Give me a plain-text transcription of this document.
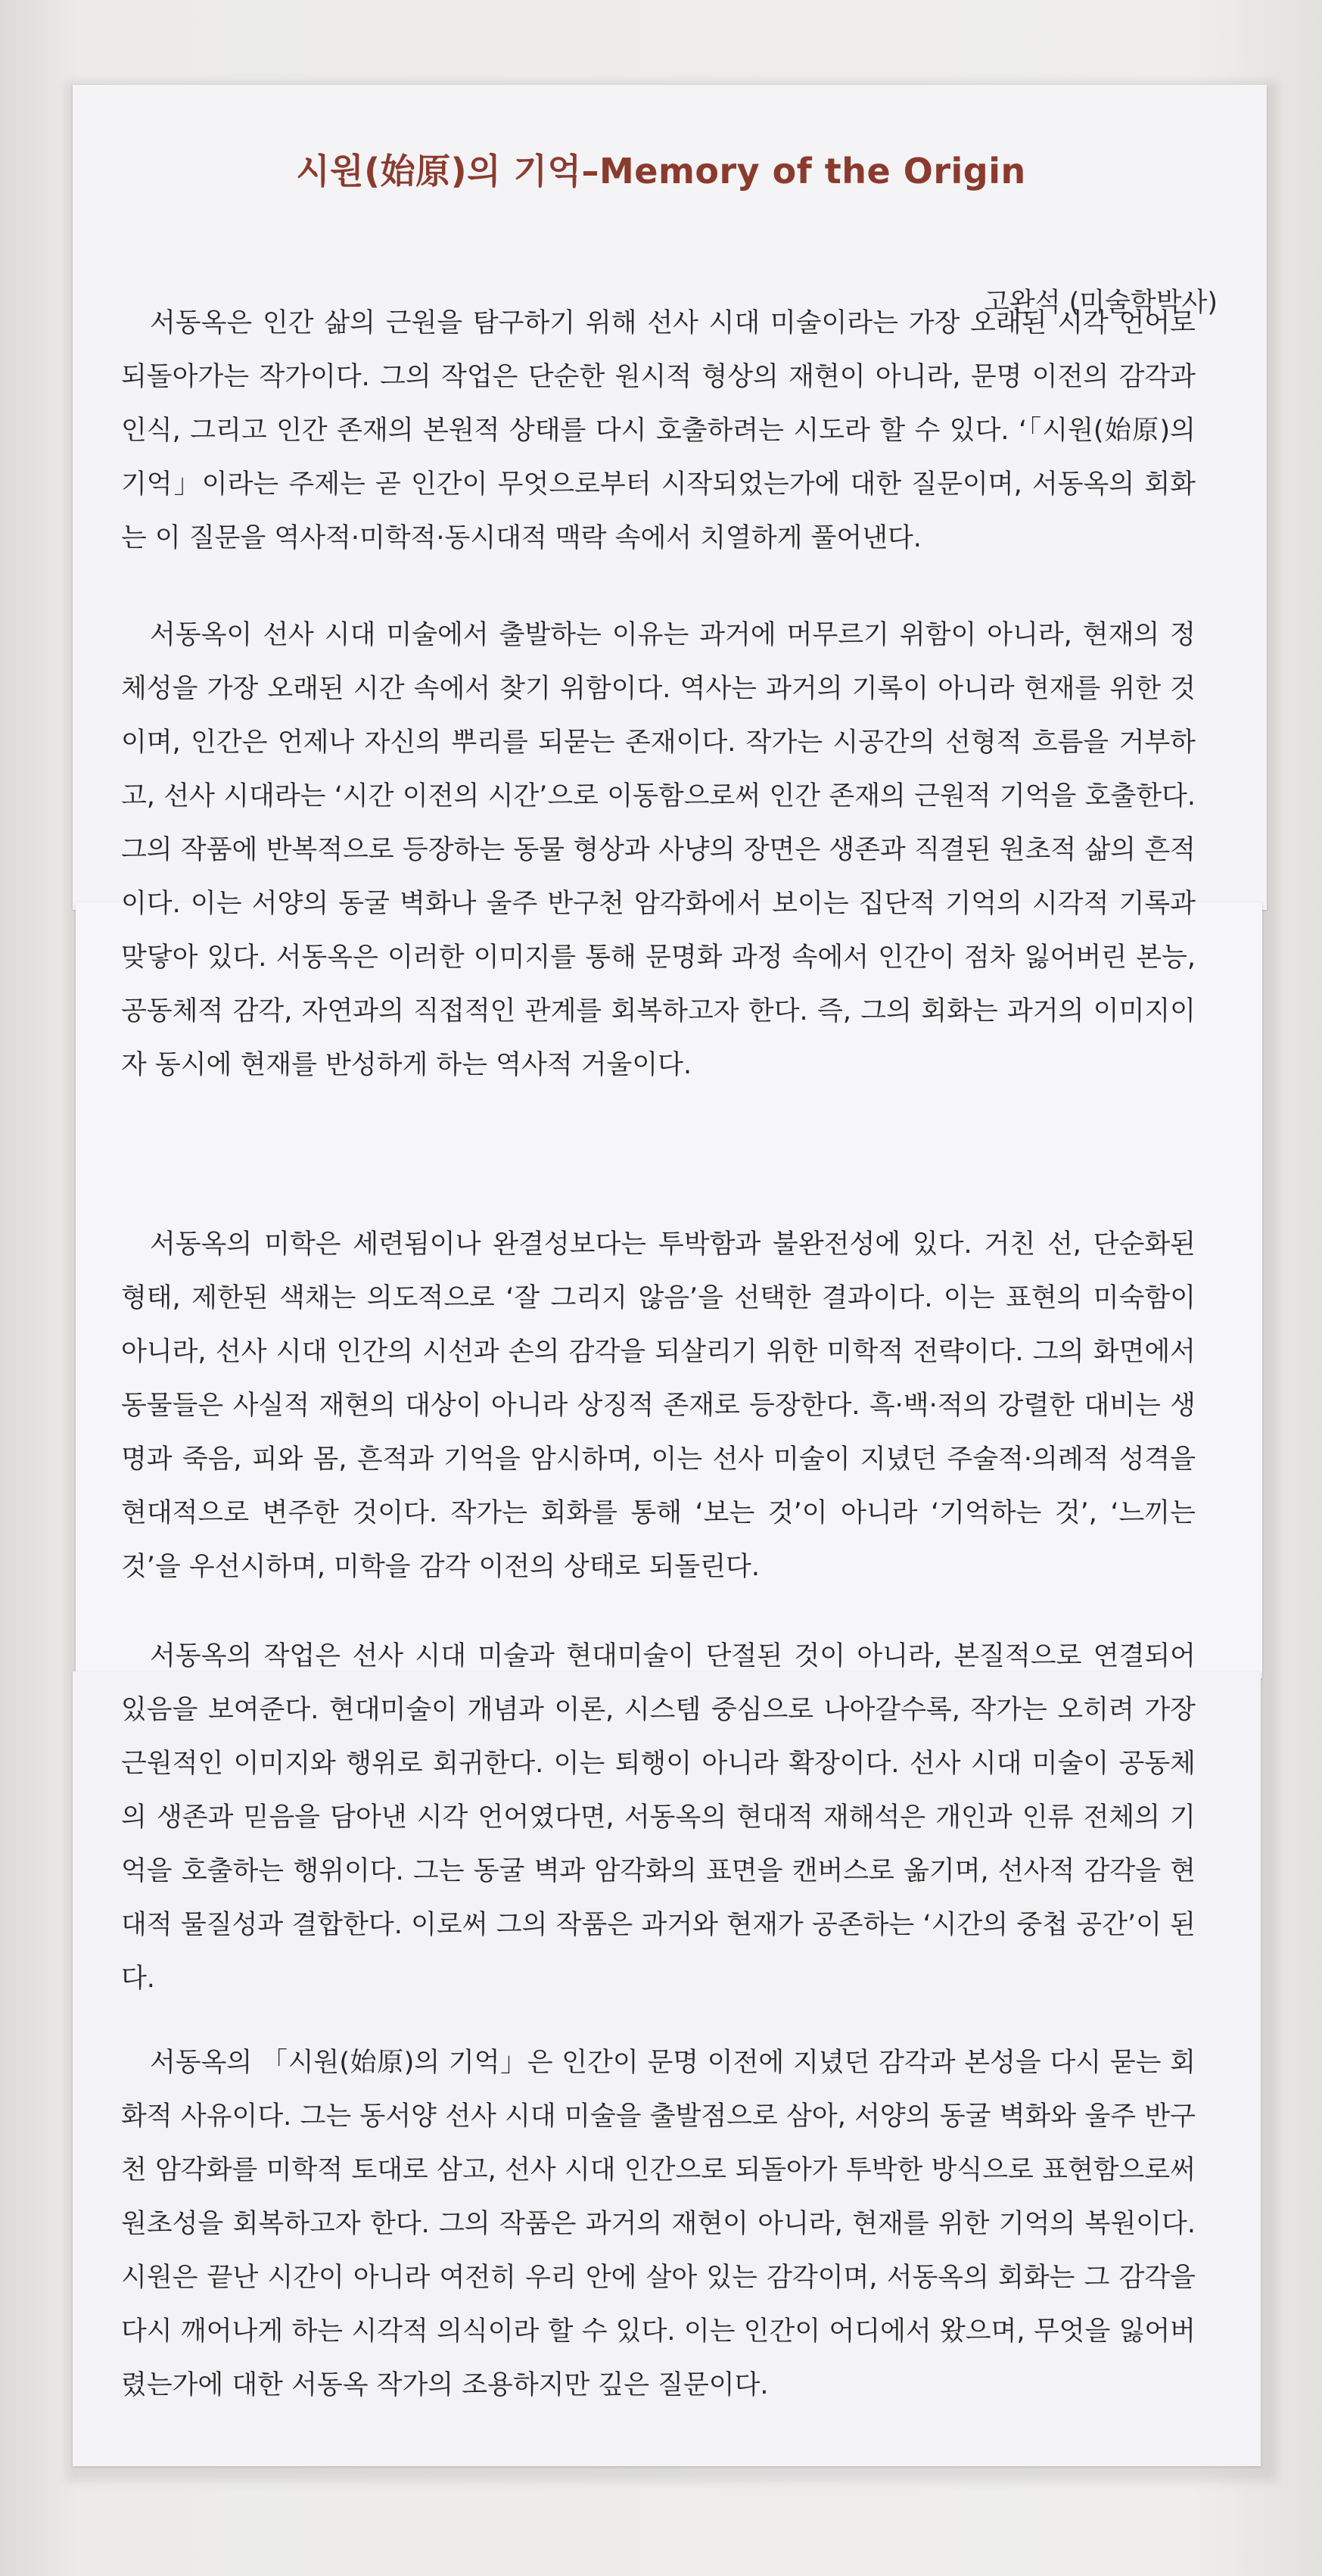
시원(始原)의 기억–Memory of the Origin
고완석 (미술학박사)

서동옥은 인간 삶의 근원을 탐구하기 위해 선사 시대 미술이라는 가장 오래된 시각 언어로 되돌아가는 작가이다. 그의 작업은 단순한 원시적 형상의 재현이 아니라, 문명 이전의 감각과 인식, 그리고 인간 존재의 본원적 상태를 다시 호출하려는 시도라 할 수 있다. ‘「시원(始原)의 기억」이라는 주제는 곧 인간이 무엇으로부터 시작되었는가에 대한 질문이며, 서동옥의 회화는 이 질문을 역사적·미학적·동시대적 맥락 속에서 치열하게 풀어낸다.

서동옥이 선사 시대 미술에서 출발하는 이유는 과거에 머무르기 위함이 아니라, 현재의 정체성을 가장 오래된 시간 속에서 찾기 위함이다. 역사는 과거의 기록이 아니라 현재를 위한 것이며, 인간은 언제나 자신의 뿌리를 되묻는 존재이다. 작가는 시공간의 선형적 흐름을 거부하고, 선사 시대라는 ‘시간 이전의 시간’으로 이동함으로써 인간 존재의 근원적 기억을 호출한다. 그의 작품에 반복적으로 등장하는 동물 형상과 사냥의 장면은 생존과 직결된 원초적 삶의 흔적이다. 이는 서양의 동굴 벽화나 울주 반구천 암각화에서 보이는 집단적 기억의 시각적 기록과 맞닿아 있다. 서동옥은 이러한 이미지를 통해 문명화 과정 속에서 인간이 점차 잃어버린 본능, 공동체적 감각, 자연과의 직접적인 관계를 회복하고자 한다. 즉, 그의 회화는 과거의 이미지이자 동시에 현재를 반성하게 하는 역사적 거울이다.

서동옥의 미학은 세련됨이나 완결성보다는 투박함과 불완전성에 있다. 거친 선, 단순화된 형태, 제한된 색채는 의도적으로 ‘잘 그리지 않음’을 선택한 결과이다. 이는 표현의 미숙함이 아니라, 선사 시대 인간의 시선과 손의 감각을 되살리기 위한 미학적 전략이다. 그의 화면에서 동물들은 사실적 재현의 대상이 아니라 상징적 존재로 등장한다. 흑·백·적의 강렬한 대비는 생명과 죽음, 피와 몸, 흔적과 기억을 암시하며, 이는 선사 미술이 지녔던 주술적·의례적 성격을 현대적으로 변주한 것이다. 작가는 회화를 통해 ‘보는 것’이 아니라 ‘기억하는 것’, ‘느끼는 것’을 우선시하며, 미학을 감각 이전의 상태로 되돌린다.

서동옥의 작업은 선사 시대 미술과 현대미술이 단절된 것이 아니라, 본질적으로 연결되어 있음을 보여준다. 현대미술이 개념과 이론, 시스템 중심으로 나아갈수록, 작가는 오히려 가장 근원적인 이미지와 행위로 회귀한다. 이는 퇴행이 아니라 확장이다. 선사 시대 미술이 공동체의 생존과 믿음을 담아낸 시각 언어였다면, 서동옥의 현대적 재해석은 개인과 인류 전체의 기억을 호출하는 행위이다. 그는 동굴 벽과 암각화의 표면을 캔버스로 옮기며, 선사적 감각을 현대적 물질성과 결합한다. 이로써 그의 작품은 과거와 현재가 공존하는 ‘시간의 중첩 공간’이 된다.

서동옥의 「시원(始原)의 기억」은 인간이 문명 이전에 지녔던 감각과 본성을 다시 묻는 회화적 사유이다. 그는 동서양 선사 시대 미술을 출발점으로 삼아, 서양의 동굴 벽화와 울주 반구천 암각화를 미학적 토대로 삼고, 선사 시대 인간으로 되돌아가 투박한 방식으로 표현함으로써 원초성을 회복하고자 한다. 그의 작품은 과거의 재현이 아니라, 현재를 위한 기억의 복원이다. 시원은 끝난 시간이 아니라 여전히 우리 안에 살아 있는 감각이며, 서동옥의 회화는 그 감각을 다시 깨어나게 하는 시각적 의식이라 할 수 있다. 이는 인간이 어디에서 왔으며, 무엇을 잃어버렸는가에 대한 서동옥 작가의 조용하지만 깊은 질문이다.
